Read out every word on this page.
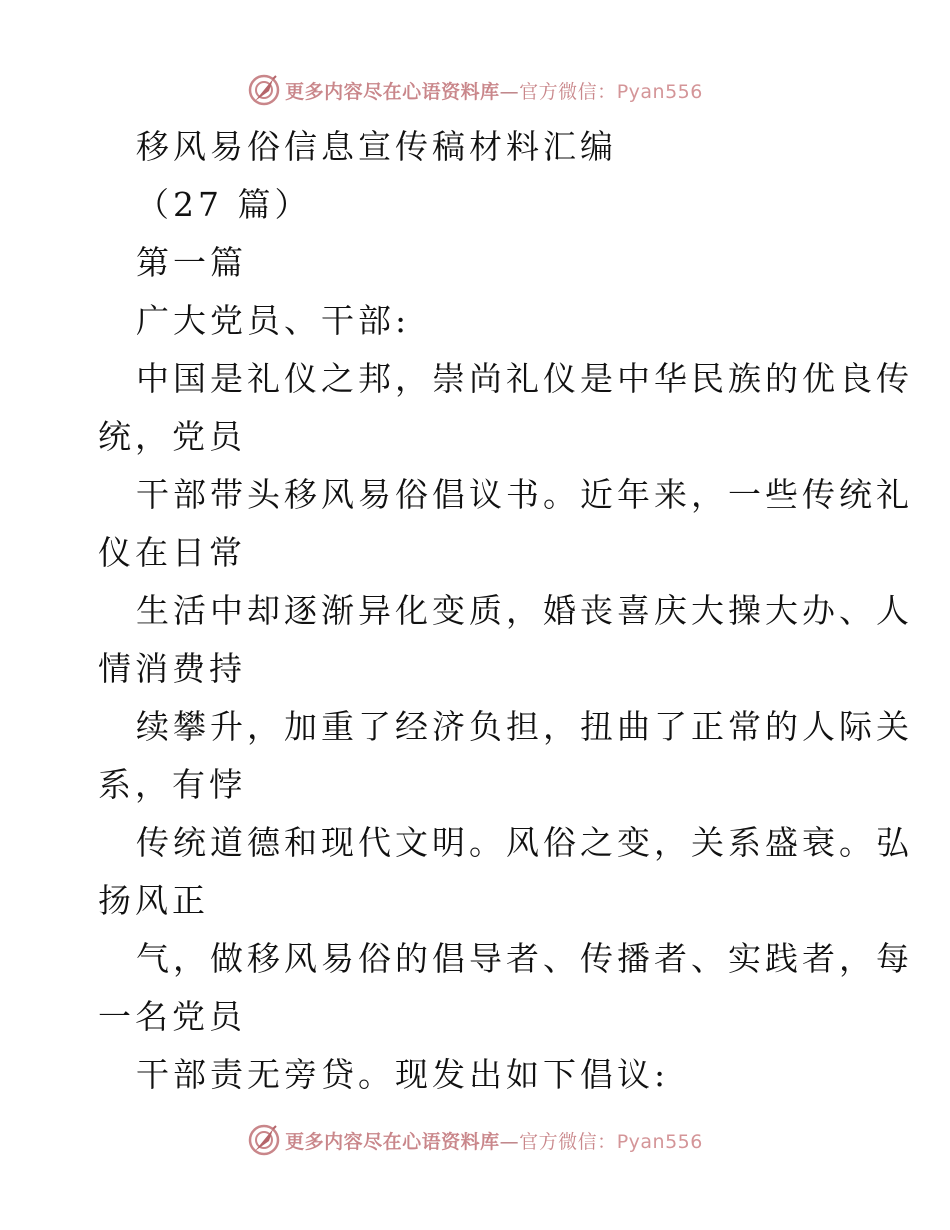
更多内容尽在心语资料库—官方微信：Pyan556
移风易俗信息宣传稿材料汇编
（27 篇）
第一篇
广大党员、干部:
中国是礼仪之邦，崇尚礼仪是中华民族的优良传
统，党员
干部带头移风易俗倡议书。近年来，一些传统礼
仪在日常
生活中却逐渐异化变质，婚丧喜庆大操大办、人
情消费持
续攀升，加重了经济负担，扭曲了正常的人际关
系，有悖
传统道德和现代文明。风俗之变，关系盛衰。弘
扬风正
气，做移风易俗的倡导者、传播者、实践者，每
一名党员
干部责无旁贷。现发出如下倡议:
更多内容尽在心语资料库—官方微信：Pyan556
